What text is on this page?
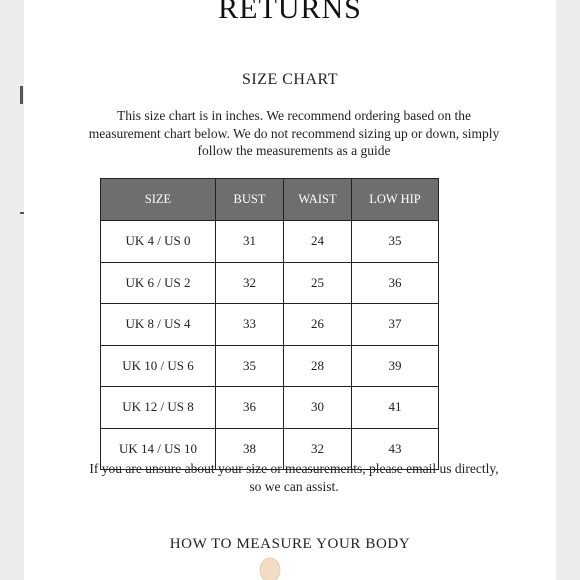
RETURNS
SIZE CHART
This size chart is in inches. We recommend ordering based on the measurement chart below. We do not recommend sizing up or down, simply follow the measurements as a guide
SIZE	BUST	WAIST	LOW HIP
UK 4 / US 0	31	24	35
UK 6 / US 2	32	25	36
UK 8 / US 4	33	26	37
UK 10 / US 6	35	28	39
UK 12 / US 8	36	30	41
UK 14 / US 10	38	32	43
If you are unsure about your size or measurements, please email us directly, so we can assist.
HOW TO MEASURE YOUR BODY
